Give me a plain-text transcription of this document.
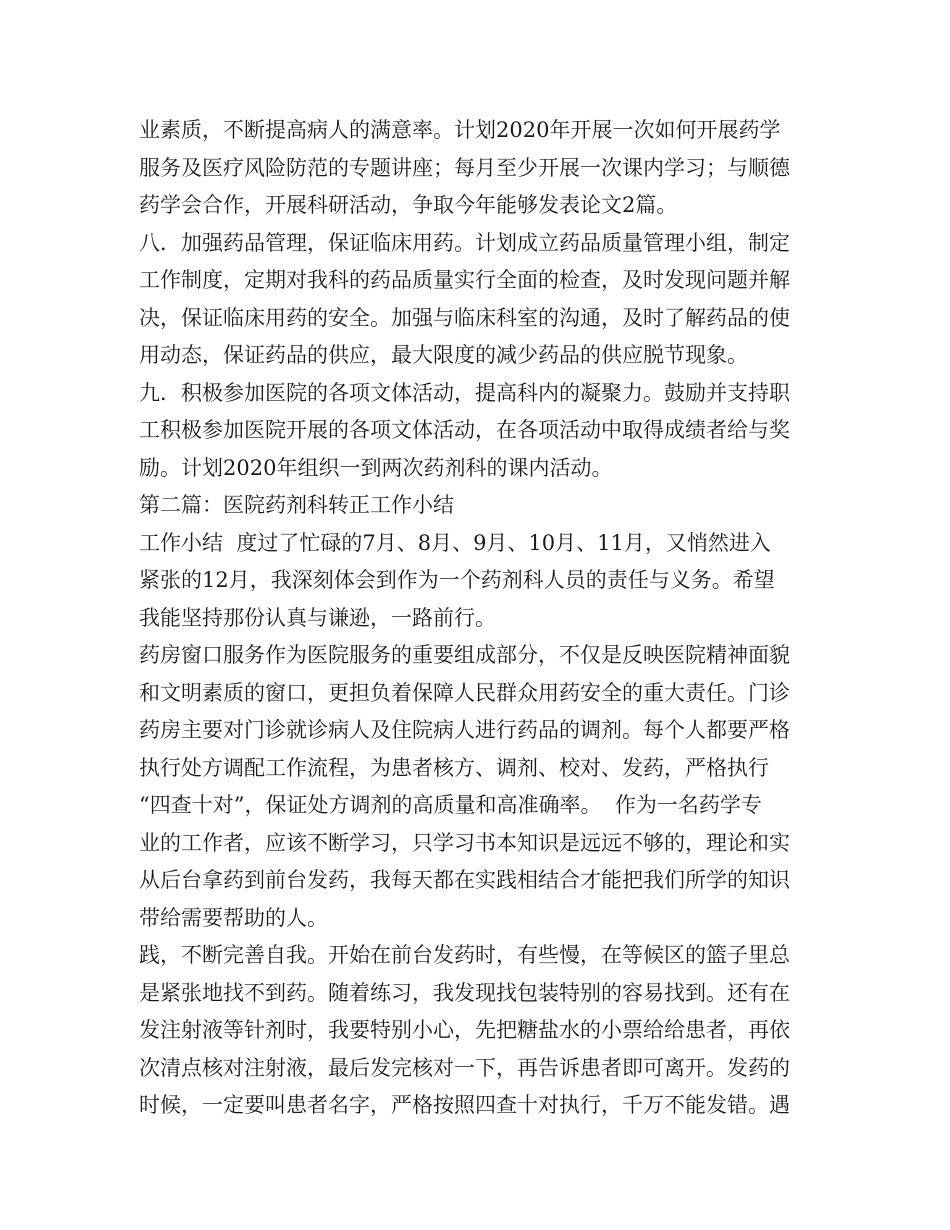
业素质，不断提高病人的满意率。计划2020年开展一次如何开展药学
服务及医疗风险防范的专题讲座；每月至少开展一次课内学习；与顺德
药学会合作，开展科研活动，争取今年能够发表论文2篇。
八．加强药品管理，保证临床用药。计划成立药品质量管理小组，制定
工作制度，定期对我科的药品质量实行全面的检查，及时发现问题并解
决，保证临床用药的安全。加强与临床科室的沟通，及时了解药品的使
用动态，保证药品的供应，最大限度的减少药品的供应脱节现象。
九．积极参加医院的各项文体活动，提高科内的凝聚力。鼓励并支持职
工积极参加医院开展的各项文体活动，在各项活动中取得成绩者给与奖
励。计划2020年组织一到两次药剂科的课内活动。
第二篇：医院药剂科转正工作小结
工作小结  度过了忙碌的7月、8月、9月、10月、11月，又悄然进入
紧张的12月，我深刻体会到作为一个药剂科人员的责任与义务。希望
我能坚持那份认真与谦逊，一路前行。
药房窗口服务作为医院服务的重要组成部分，不仅是反映医院精神面貌
和文明素质的窗口，更担负着保障人民群众用药安全的重大责任。门诊
药房主要对门诊就诊病人及住院病人进行药品的调剂。每个人都要严格
执行处方调配工作流程，为患者核方、调剂、校对、发药，严格执行
“四查十对”，保证处方调剂的高质量和高准确率。  作为一名药学专
业的工作者，应该不断学习，只学习书本知识是远远不够的，理论和实
从后台拿药到前台发药，我每天都在实践相结合才能把我们所学的知识
带给需要帮助的人。
践，不断完善自我。开始在前台发药时，有些慢，在等候区的篮子里总
是紧张地找不到药。随着练习，我发现找包装特别的容易找到。还有在
发注射液等针剂时，我要特别小心，先把糖盐水的小票给给患者，再依
次清点核对注射液，最后发完核对一下，再告诉患者即可离开。发药的
时候，一定要叫患者名字，严格按照四查十对执行，千万不能发错。遇
